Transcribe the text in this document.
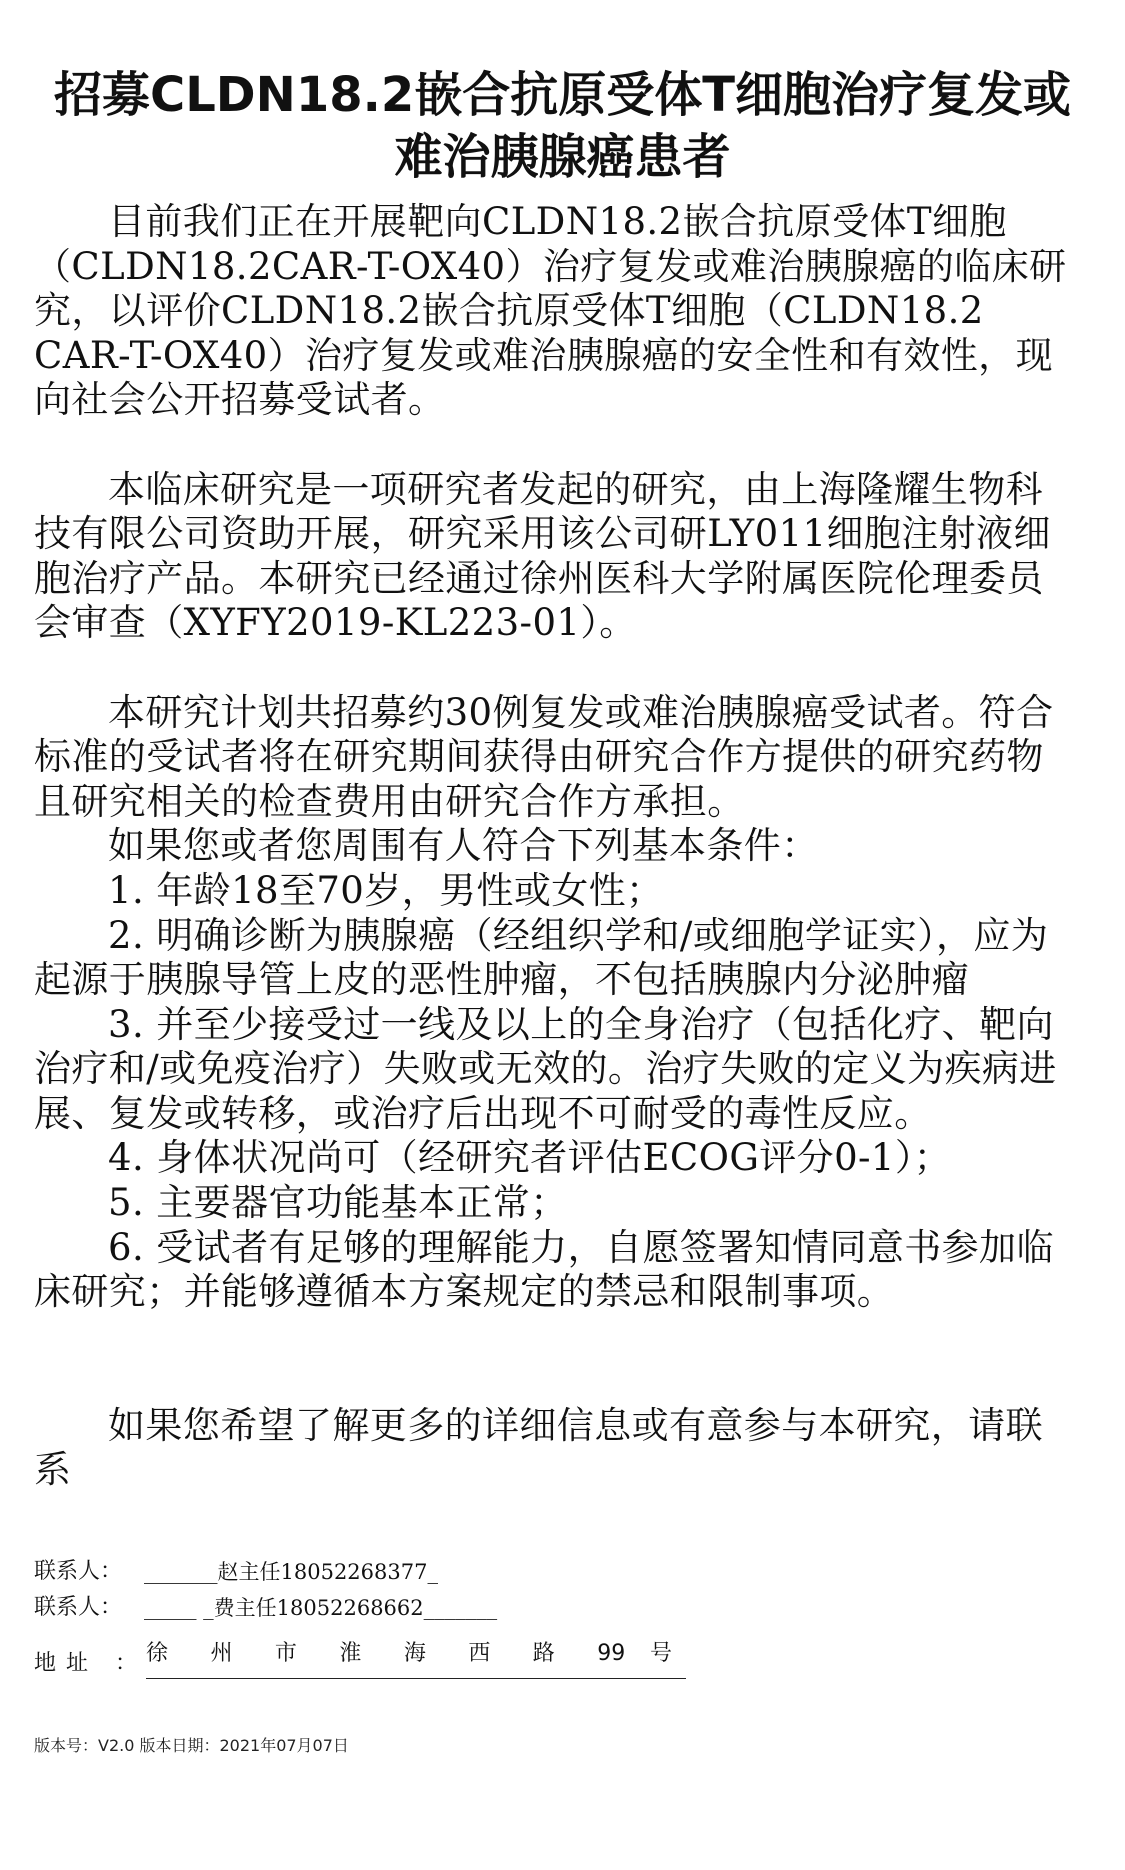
招募CLDN18.2嵌合抗原受体T细胞治疗复发或难治胰腺癌患者

目前我们正在开展靶向CLDN18.2嵌合抗原受体T细胞（CLDN18.2CAR-T-OX40）治疗复发或难治胰腺癌的临床研究，以评价CLDN18.2嵌合抗原受体T细胞（CLDN18.2 CAR-T-OX40）治疗复发或难治胰腺癌的安全性和有效性，现向社会公开招募受试者。

本临床研究是一项研究者发起的研究，由上海隆耀生物科技有限公司资助开展，研究采用该公司研LY011细胞注射液细胞治疗产品。本研究已经通过徐州医科大学附属医院伦理委员会审查（XYFY2019-KL223-01）。

本研究计划共招募约30例复发或难治胰腺癌受试者。符合标准的受试者将在研究期间获得由研究合作方提供的研究药物且研究相关的检查费用由研究合作方承担。

如果您或者您周围有人符合下列基本条件：

1. 年龄18至70岁，男性或女性；

2. 明确诊断为胰腺癌（经组织学和/或细胞学证实），应为起源于胰腺导管上皮的恶性肿瘤，不包括胰腺内分泌肿瘤

3. 并至少接受过一线及以上的全身治疗（包括化疗、靶向治疗和/或免疫治疗）失败或无效的。治疗失败的定义为疾病进展、复发或转移，或治疗后出现不可耐受的毒性反应。

4. 身体状况尚可（经研究者评估ECOG评分0-1）；

5. 主要器官功能基本正常；

6. 受试者有足够的理解能力，自愿签署知情同意书参加临床研究；并能够遵循本方案规定的禁忌和限制事项。

如果您希望了解更多的详细信息或有意参与本研究，请联系

联系人：	_______赵主任18052268377_
联系人：	_____ _费主任18052268662_______
地址 ： 徐 州 市 淮 海 西 路 99 号
版本号：V2.0 版本日期：2021年07月07日
